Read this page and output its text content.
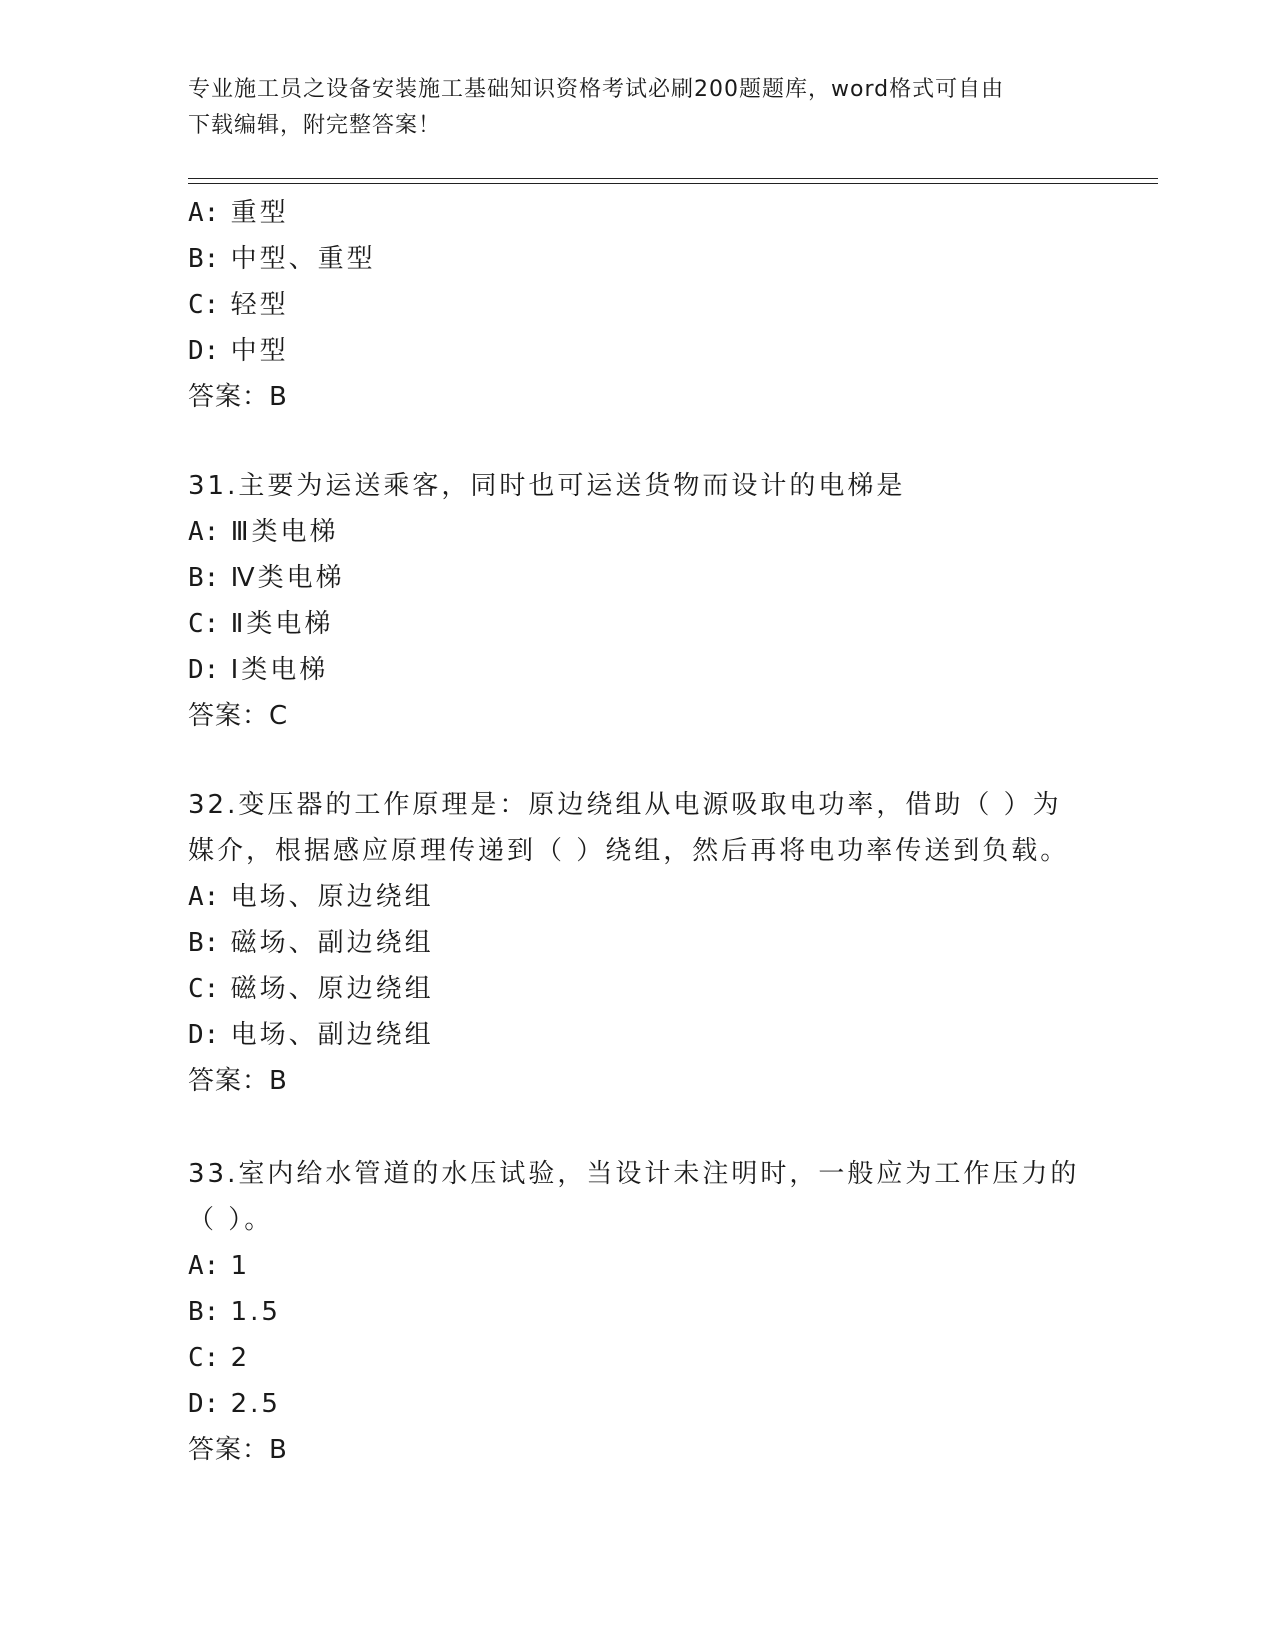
专业施工员之设备安装施工基础知识资格考试必刷200题题库，word格式可自由
下载编辑，附完整答案！
A: 重型
B: 中型、重型
C: 轻型
D: 中型
答案：B
31.主要为运送乘客，同时也可运送货物而设计的电梯是
A: Ⅲ类电梯
B: Ⅳ类电梯
C: Ⅱ类电梯
D: Ⅰ类电梯
答案：C
32.变压器的工作原理是：原边绕组从电源吸取电功率，借助（ ）为
媒介，根据感应原理传递到（ ）绕组，然后再将电功率传送到负载。
A: 电场、原边绕组
B: 磁场、副边绕组
C: 磁场、原边绕组
D: 电场、副边绕组
答案：B
33.室内给水管道的水压试验，当设计未注明时，一般应为工作压力的
（ ）。
A: 1
B: 1.5
C: 2
D: 2.5
答案：B
